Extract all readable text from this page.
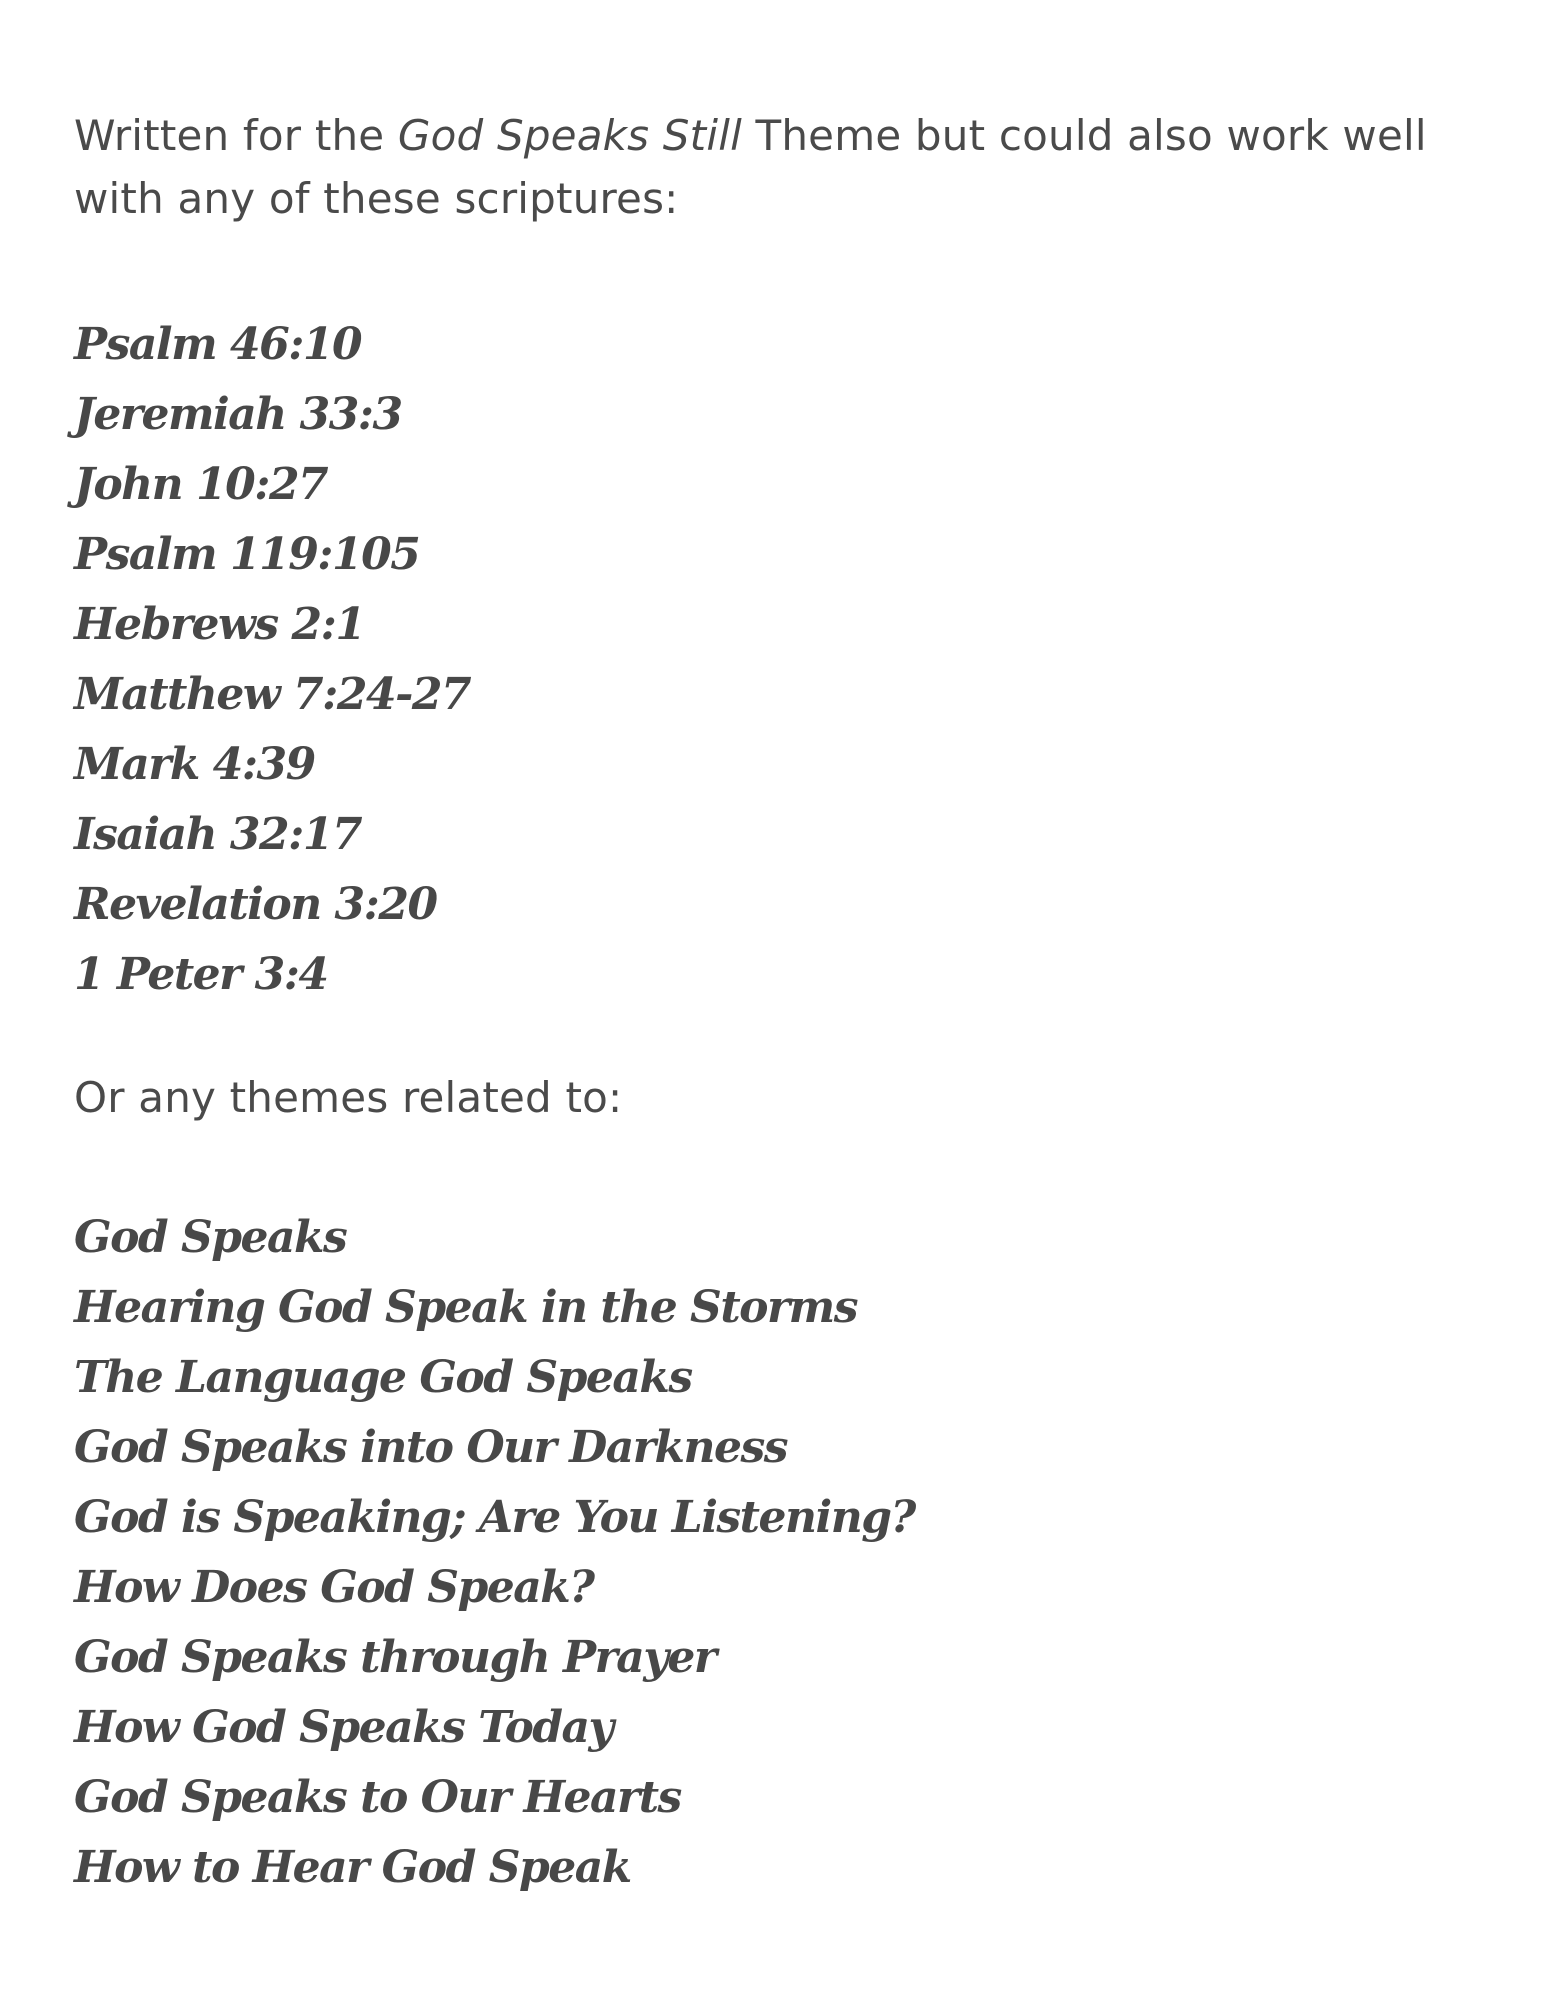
Written for the God Speaks Still Theme but could also work well with any of these scriptures:

Psalm 46:10
Jeremiah 33:3
John 10:27
Psalm 119:105
Hebrews 2:1
Matthew 7:24-27
Mark 4:39
Isaiah 32:17
Revelation 3:20
1 Peter 3:4

Or any themes related to:

God Speaks
Hearing God Speak in the Storms
The Language God Speaks
God Speaks into Our Darkness
God is Speaking; Are You Listening?
How Does God Speak?
God Speaks through Prayer
How God Speaks Today
God Speaks to Our Hearts
How to Hear God Speak
